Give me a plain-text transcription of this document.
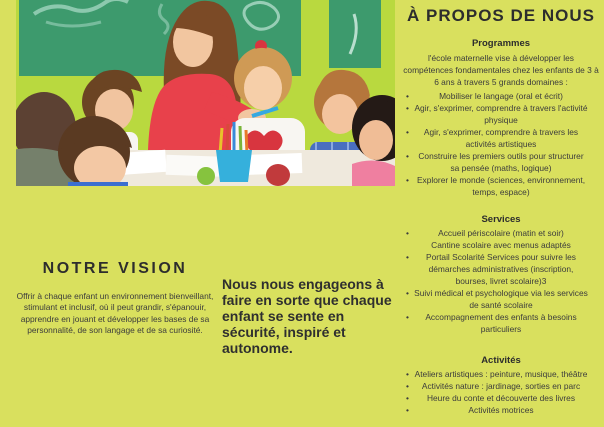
À PROPOS DE NOUS
Programmes

l'école maternelle vise à développer les compétences fondamentales chez les enfants de 3 à 6 ans à travers 5 grands domaines :

•	Mobiliser le langage (oral et écrit)
• Agir, s'exprimer, comprendre à travers l'activité physique
•	Agir, s'exprimer, comprendre à travers les activités artistiques
•	Construire les premiers outils pour structurer sa pensée (maths, logique)
• Explorer le monde (sciences, environnement, temps, espace)
Services
•	Accueil périscolaire (matin et soir)
Cantine scolaire avec menus adaptés
•	Portail Scolarité Services pour suivre les démarches administratives (inscription, bourses, livret scolaire)3
• Suivi médical et psychologique via les services de santé scolaire
•	Accompagnement des enfants à besoins particuliers
Activités
• Ateliers artistiques : peinture, musique, théâtre
•	Activités nature : jardinage, sorties en parc
•	Heure du conte et découverte des livres
•	Activités motrices
NOTRE VISION

Offrir à chaque enfant un environnement bienveillant, stimulant et inclusif, où il peut grandir, s'épanouir, apprendre en jouant et développer les bases de sa personnalité, de son langage et de sa curiosité.

Nous nous engageons à faire en sorte que chaque enfant se sente en sécurité, inspiré et autonome.
